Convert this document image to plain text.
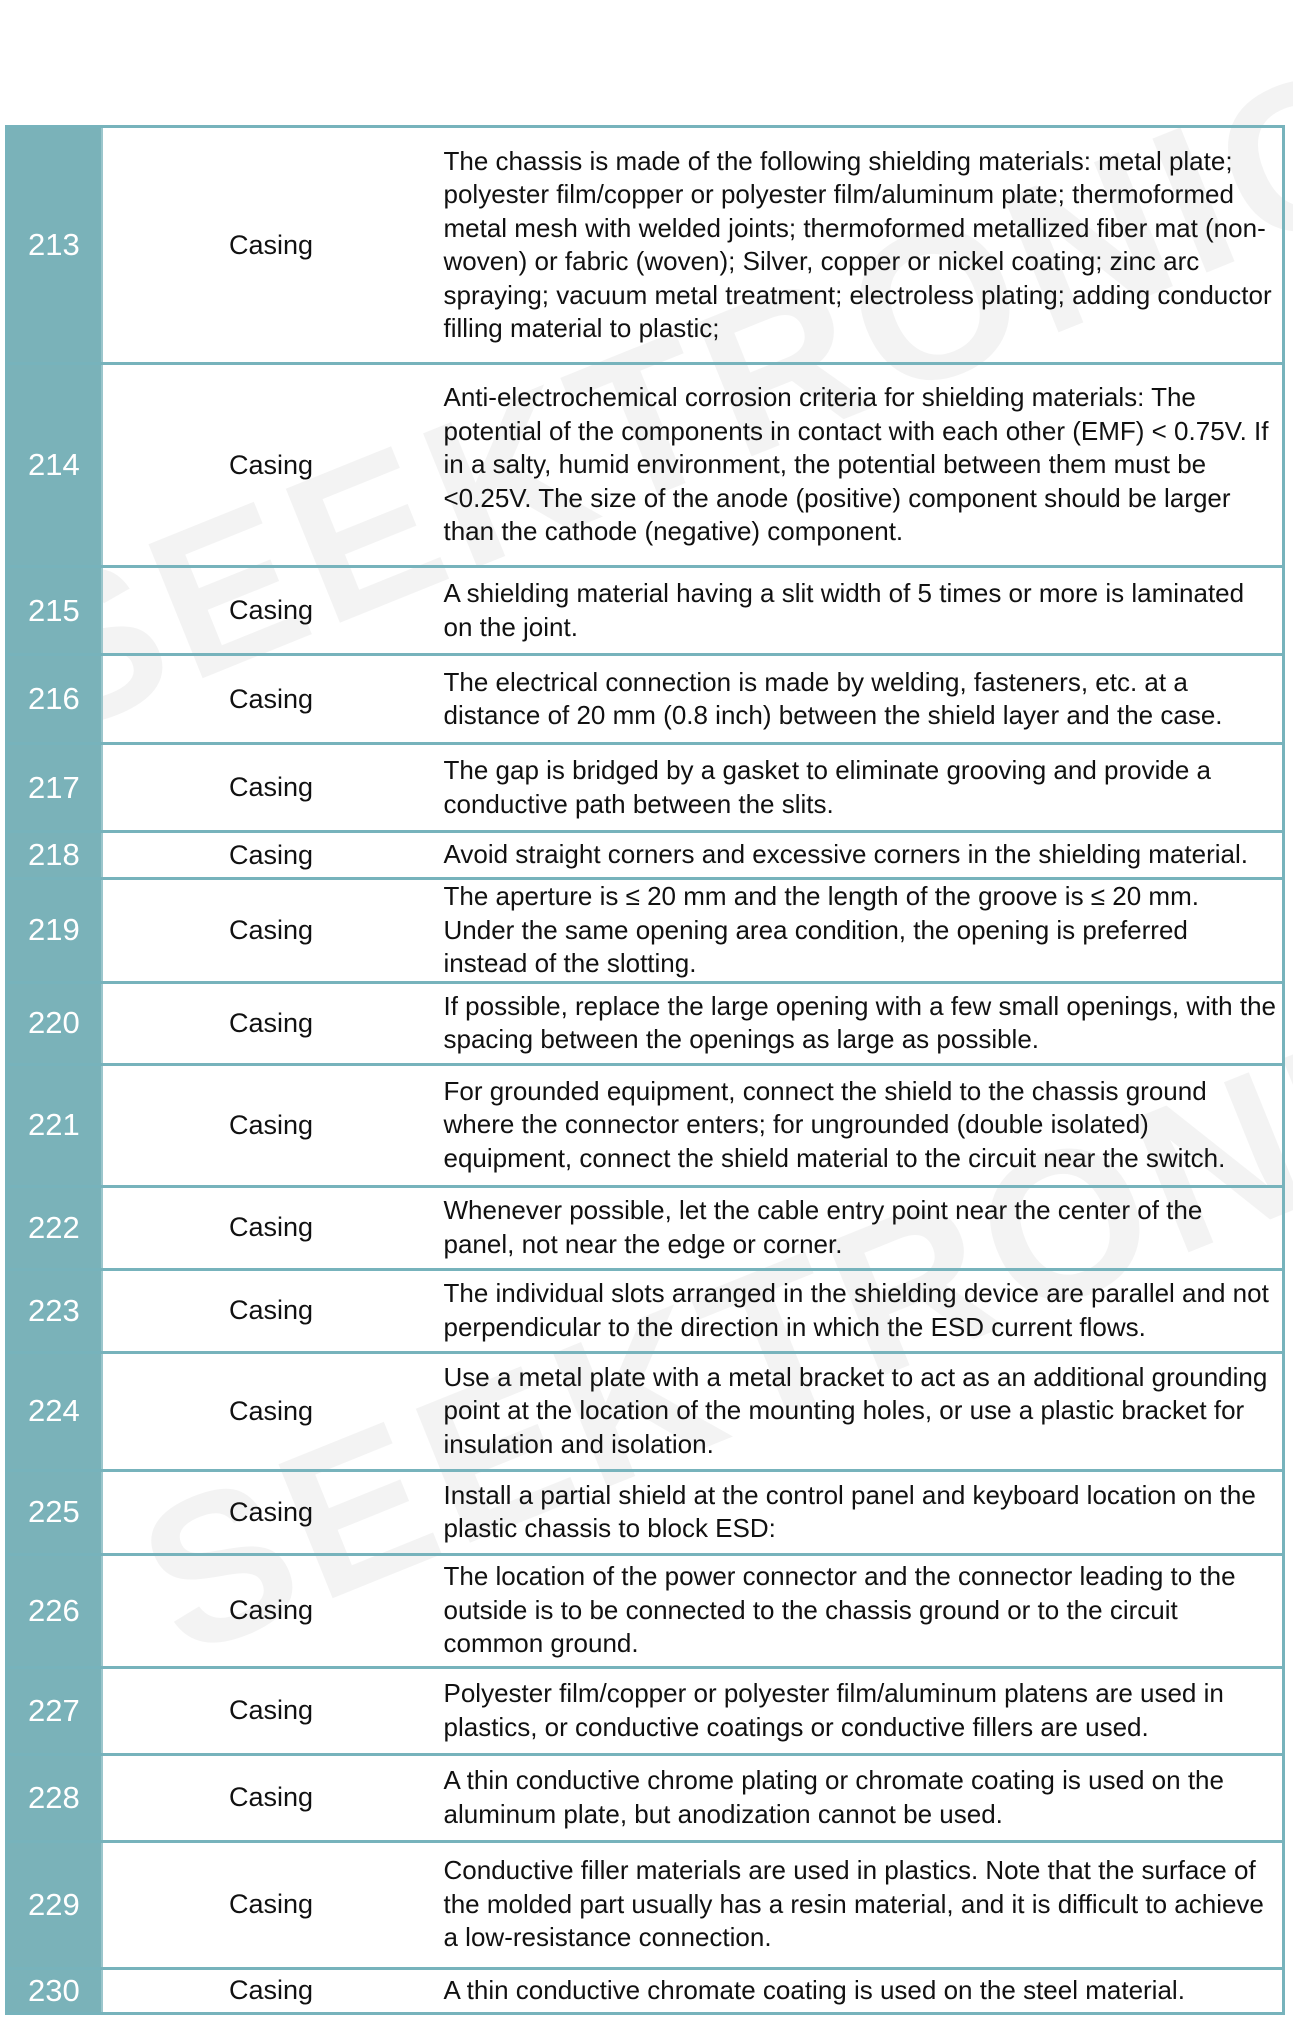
213	Casing	The chassis is made of the following shielding materials: metal plate; polyester film/copper or polyester film/aluminum plate; thermoformed metal mesh with welded joints; thermoformed metallized fiber mat (non-woven) or fabric (woven); Silver, copper or nickel coating; zinc arc spraying; vacuum metal treatment; electroless plating; adding conductor filling material to plastic;
214	Casing	Anti-electrochemical corrosion criteria for shielding materials: The potential of the components in contact with each other (EMF) < 0.75V. If in a salty, humid environment, the potential between them must be <0.25V. The size of the anode (positive) component should be larger than the cathode (negative) component.
215	Casing	A shielding material having a slit width of 5 times or more is laminated on the joint.
216	Casing	The electrical connection is made by welding, fasteners, etc. at a distance of 20 mm (0.8 inch) between the shield layer and the case.
217	Casing	The gap is bridged by a gasket to eliminate grooving and provide a conductive path between the slits.
218	Casing	Avoid straight corners and excessive corners in the shielding material.
219	Casing	The aperture is ≤ 20 mm and the length of the groove is ≤ 20 mm. Under the same opening area condition, the opening is preferred instead of the slotting.
220	Casing	If possible, replace the large opening with a few small openings, with the spacing between the openings as large as possible.
221	Casing	For grounded equipment, connect the shield to the chassis ground where the connector enters; for ungrounded (double isolated) equipment, connect the shield material to the circuit near the switch.
222	Casing	Whenever possible, let the cable entry point near the center of the panel, not near the edge or corner.
223	Casing	The individual slots arranged in the shielding device are parallel and not perpendicular to the direction in which the ESD current flows.
224	Casing	Use a metal plate with a metal bracket to act as an additional grounding point at the location of the mounting holes, or use a plastic bracket for insulation and isolation.
225	Casing	Install a partial shield at the control panel and keyboard location on the plastic chassis to block ESD:
226	Casing	The location of the power connector and the connector leading to the outside is to be connected to the chassis ground or to the circuit common ground.
227	Casing	Polyester film/copper or polyester film/aluminum platens are used in plastics, or conductive coatings or conductive fillers are used.
228	Casing	A thin conductive chrome plating or chromate coating is used on the aluminum plate, but anodization cannot be used.
229	Casing	Conductive filler materials are used in plastics. Note that the surface of the molded part usually has a resin material, and it is difficult to achieve a low-resistance connection.
230	Casing	A thin conductive chromate coating is used on the steel material.
